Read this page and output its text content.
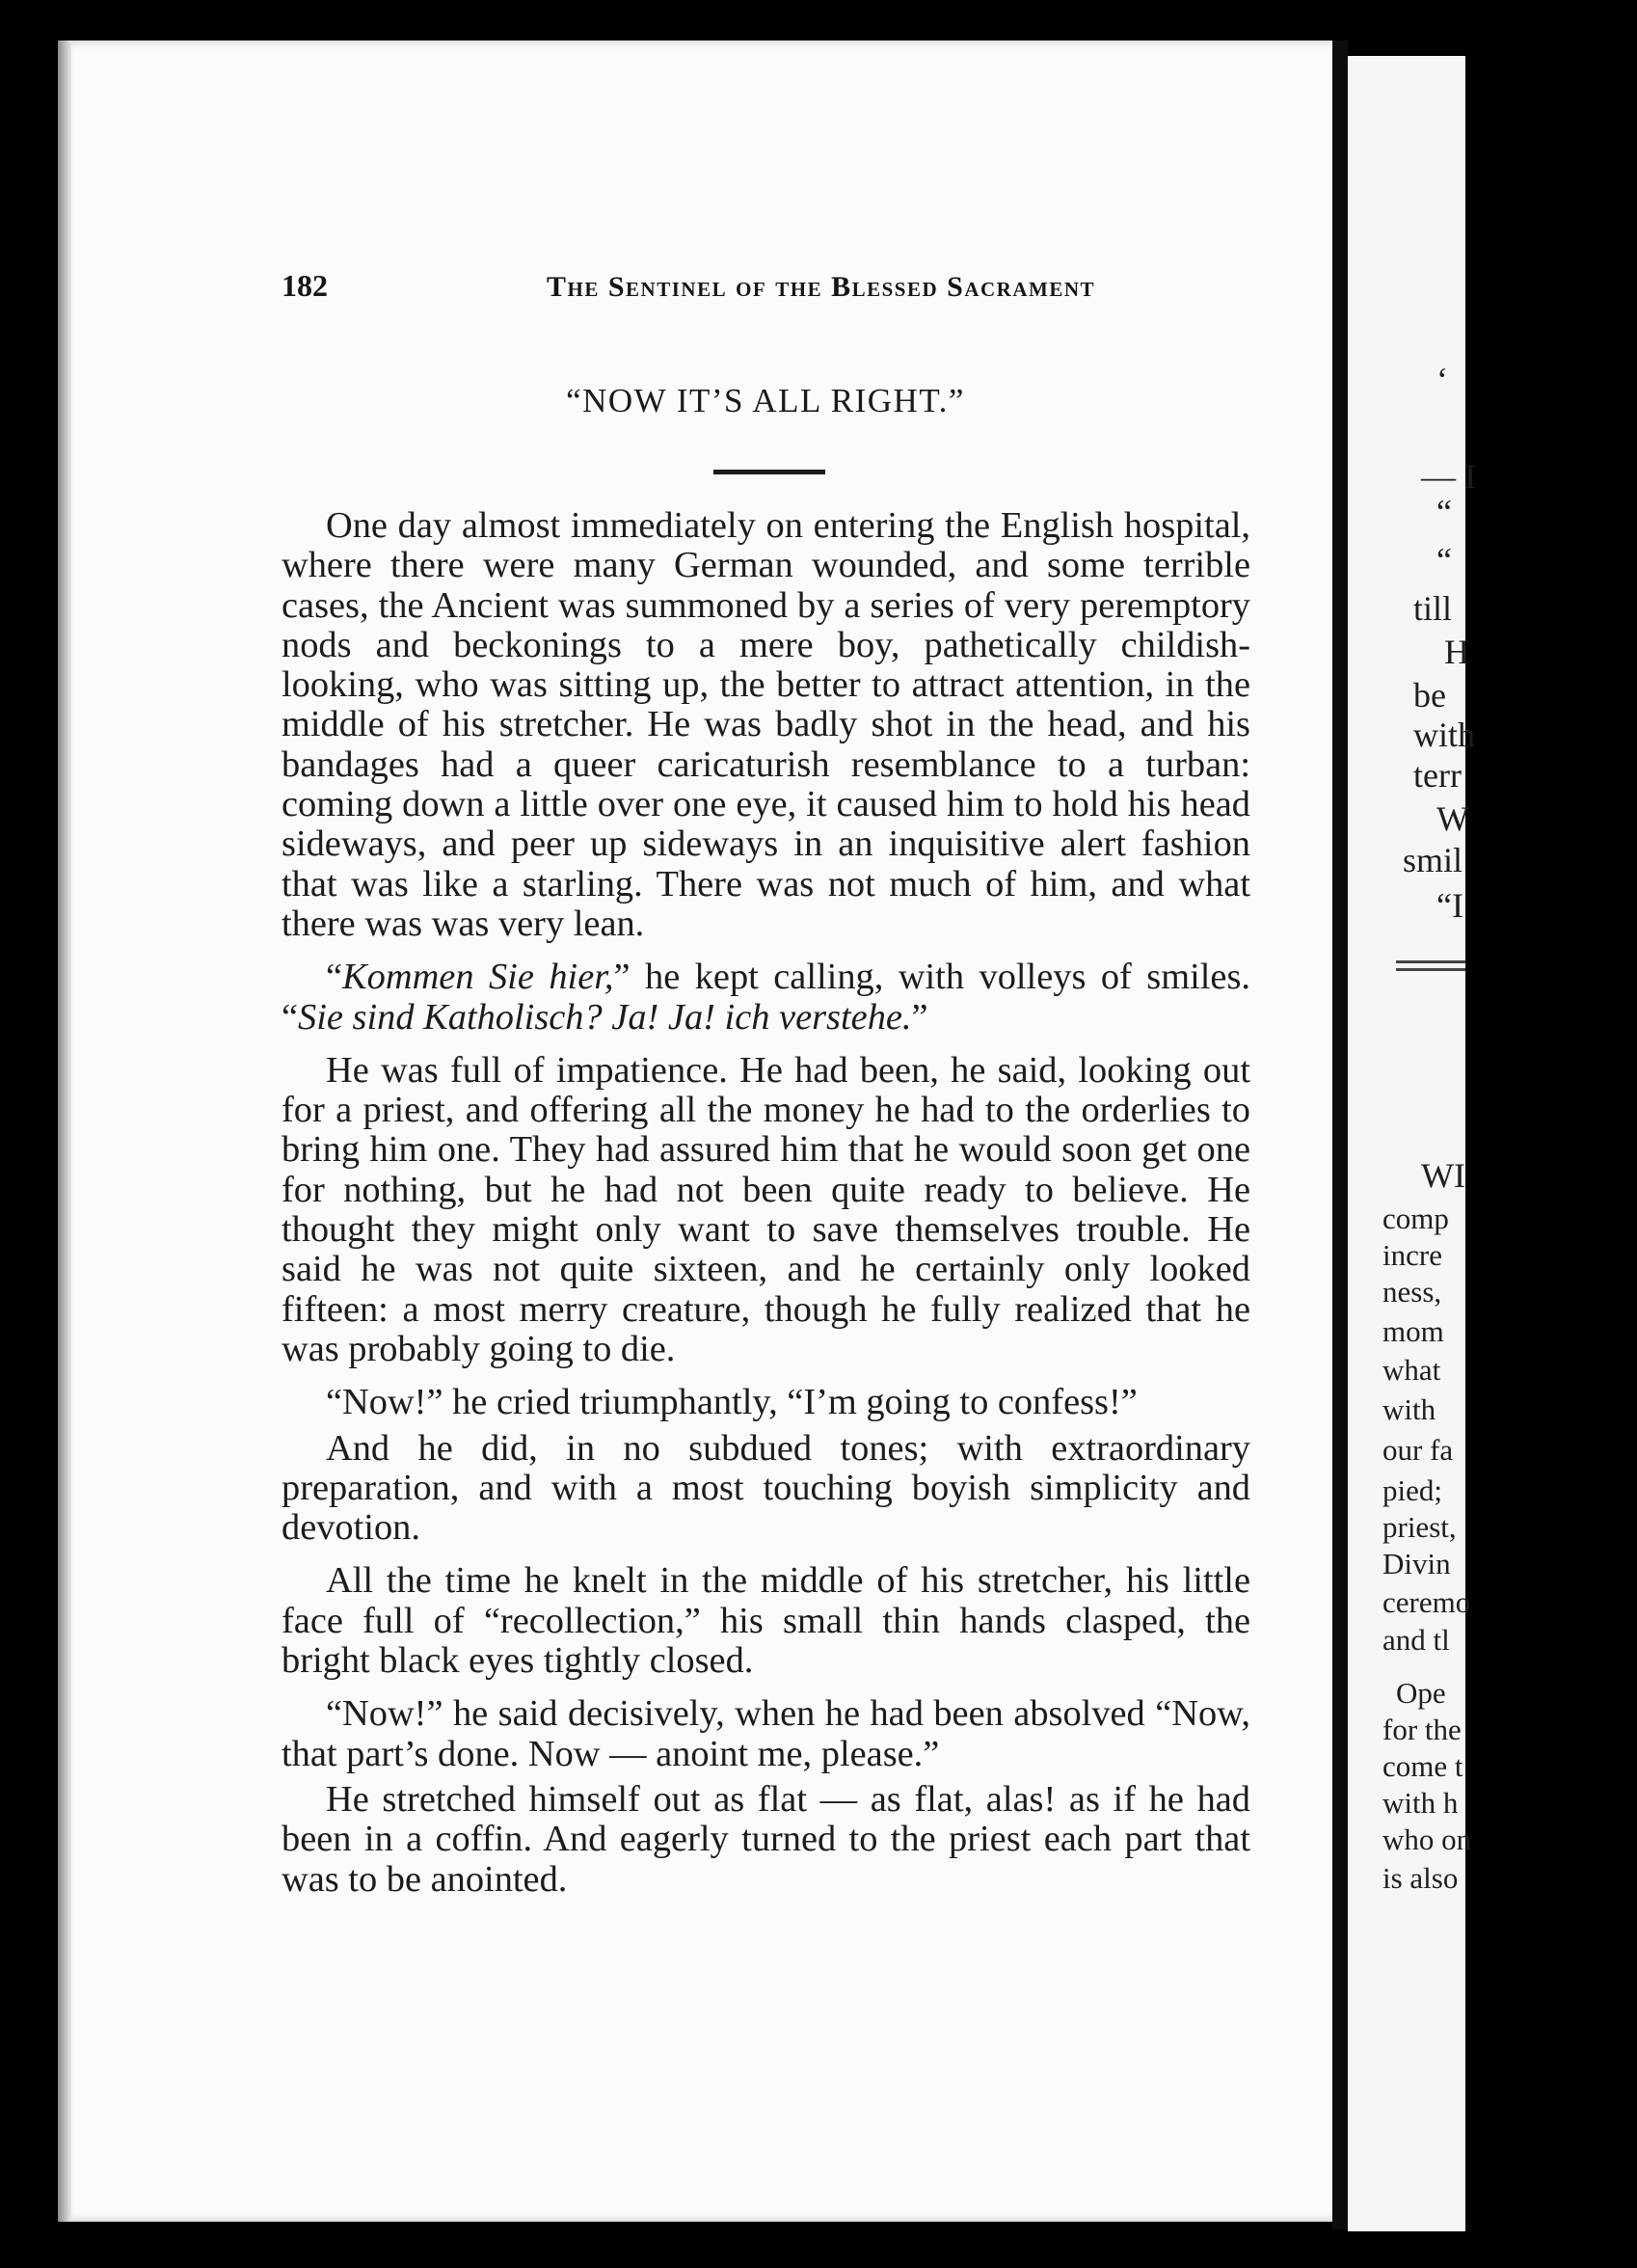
182	The Sentinel of the Blessed Sacrament
“NOW IT’S ALL RIGHT.”

One day almost immediately on entering the English hospital, where there were many German wounded, and some terrible cases, the Ancient was summoned by a series of very peremptory nods and beckonings to a mere boy, pathetically childish-looking, who was sitting up, the better to attract attention, in the middle of his stretcher. He was badly shot in the head, and his bandages had a queer caricaturish resemblance to a turban: coming down a little over one eye, it caused him to hold his head sideways, and peer up sideways in an inquisitive alert fashion that was like a starling. There was not much of him, and what there was was very lean.

“Kommen Sie hier,” he kept calling, with volleys of smiles. “Sie sind Katholisch? Ja! Ja! ich verstehe.”

He was full of impatience. He had been, he said, looking out for a priest, and offering all the money he had to the orderlies to bring him one. They had assured him that he would soon get one for nothing, but he had not been quite ready to believe. He thought they might only want to save themselves trouble. He said he was not quite sixteen, and he certainly only looked fifteen: a most merry creature, though he fully realized that he was probably going to die.

“Now!” he cried triumphantly, “I’m going to confess!”

And he did, in no subdued tones; with extraordinary preparation, and with a most touching boyish simplicity and devotion.

All the time he knelt in the middle of his stretcher, his little face full of “recollection,” his small thin hands clasped, the bright black eyes tightly closed.

“Now!” he said decisively, when he had been absolved “Now, that part’s done. Now — anoint me, please.”

He stretched himself out as flat — as flat, alas! as if he had been in a coffin. And eagerly turned to the priest each part that was to be anointed.

‘
— I
“
“
till
H
be
with
terr
W
smil
“I
WI
comp
incre
ness,
mom
what
with
our fa
pied;
priest,
Divin
ceremo
and tl
Ope
for the
come t
with h
who on
is also
